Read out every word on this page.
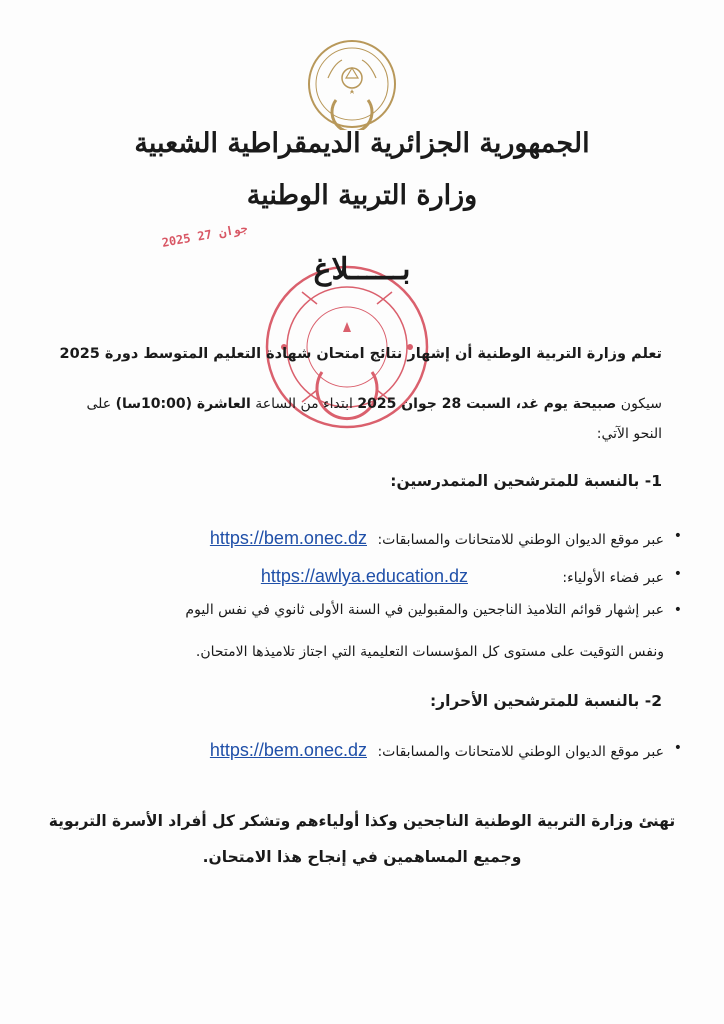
2025 جوان 27
الجمهورية الجزائرية الديمقراطية الشعبية
وزارة التربية الوطنية
بــــــلاغ
تعلم وزارة التربية الوطنية أن إشهار نتائج امتحان شهادة التعليم المتوسط دورة 2025
سيكون صبيحة يوم غد، السبت 28 جوان 2025 ابتداء من الساعة العاشرة (10:00سا) على
النحو الآتي:
1- بالنسبة للمترشحين المتمدرسين:
• عبر موقع الديوان الوطني للامتحانات والمسابقات: https://bem.onec.dz
• عبر فضاء الأولياء: https://awlya.education.dz
• عبر إشهار قوائم التلاميذ الناجحين والمقبولين في السنة الأولى ثانوي في نفس اليوم
ونفس التوقيت على مستوى كل المؤسسات التعليمية التي اجتاز تلاميذها الامتحان.
2- بالنسبة للمترشحين الأحرار:
• عبر موقع الديوان الوطني للامتحانات والمسابقات: https://bem.onec.dz
تهنئ وزارة التربية الوطنية الناجحين وكذا أولياءهم وتشكر كل أفراد الأسرة التربوية
وجميع المساهمين في إنجاح هذا الامتحان.
